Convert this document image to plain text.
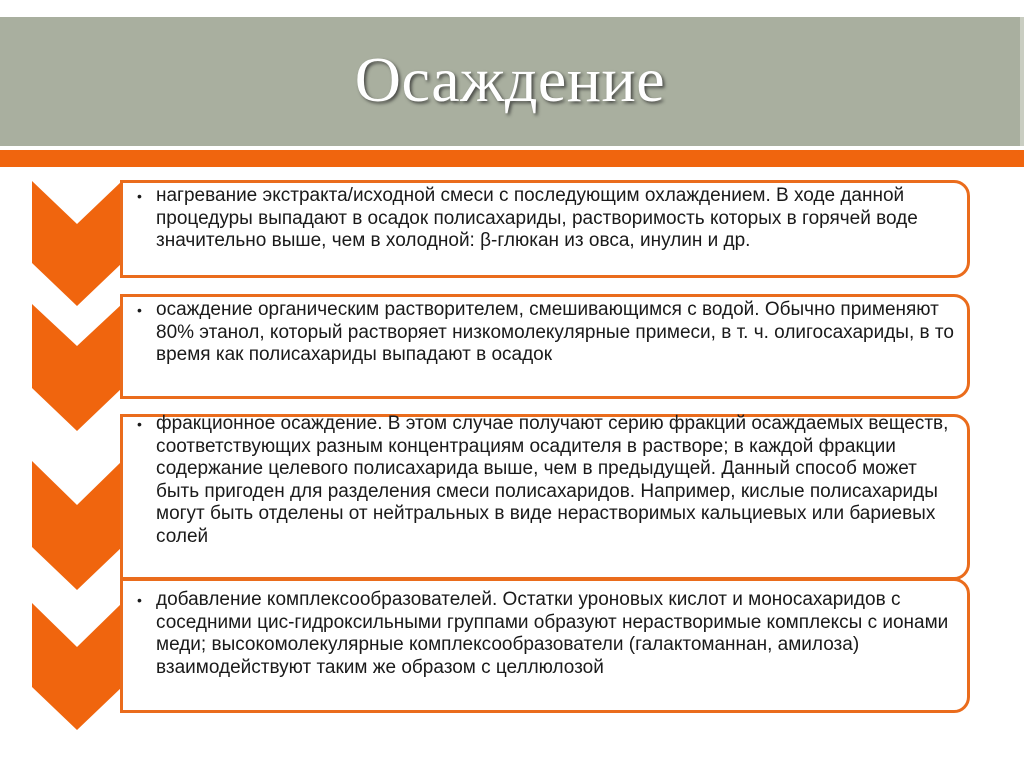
Осаждение
• нагревание экстракта/исходной смеси с последующим охлаждением. В ходе данной процедуры выпадают в осадок полисахариды, растворимость которых в горячей воде значительно выше, чем в холодной: β-глюкан из овса, инулин и др.
• осаждение органическим растворителем, смешивающимся с водой. Обычно применяют 80% этанол, который растворяет низкомолекулярные примеси, в т. ч. олигосахариды, в то время как полисахариды выпадают в осадок
• фракционное осаждение. В этом случае получают серию фракций осаждаемых веществ, соответствующих разным концентрациям осадителя в растворе; в каждой фракции содержание целевого полисахарида выше, чем в предыдущей. Данный способ может быть пригоден для разделения смеси полисахаридов. Например, кислые полисахариды могут быть отделены от нейтральных в виде нерастворимых кальциевых или бариевых солей
• добавление комплексообразователей. Остатки уроновых кислот и моносахаридов с соседними цис-гидроксильными группами образуют нерастворимые комплексы с ионами меди; высокомолекулярные комплексообразователи (галактоманнан, амилоза) взаимодействуют таким же образом с целлюлозой
